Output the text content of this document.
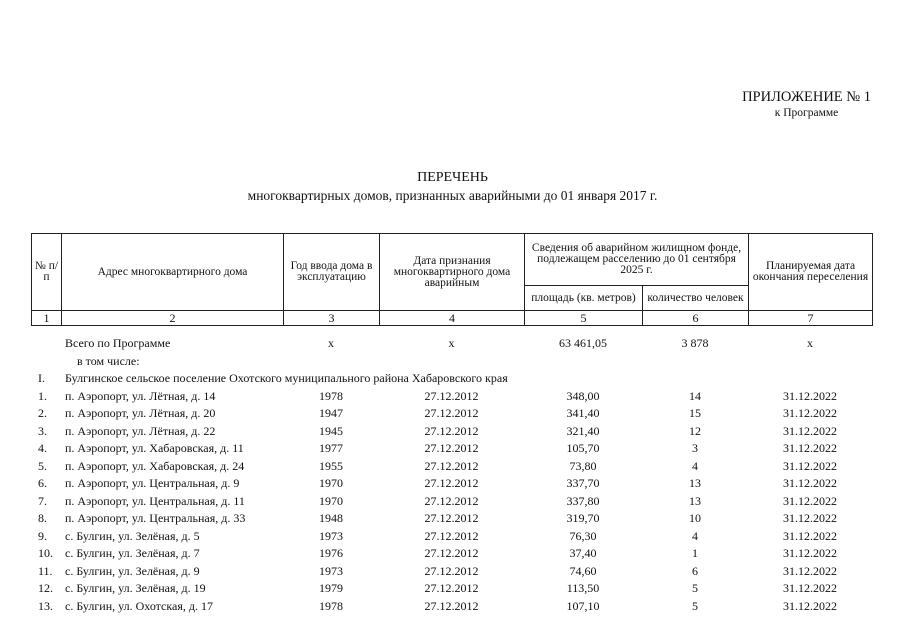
ПРИЛОЖЕНИЕ № 1
к Программе
ПЕРЕЧЕНЬ
многоквартирных домов, признанных аварийными до 01 января 2017 г.
№ п/п	Адрес многоквартирного дома	Год ввода дома в эксплуатацию	Дата признания многоквартирного дома аварийным	Сведения об аварийном жилищном фонде, подлежащем расселению до 01 сентября 2025 г.		Планируемая дата окончания переселения
				площадь (кв. метров)	количество человек	
1	2	3	4	5	6	7
	Всего по Программе	х	х	63 461,05	3 878	х
	в том числе:					
I.	Булгинское сельское поселение Охотского муниципального района Хабаровского края					
1.	п. Аэропорт, ул. Лётная, д. 14	1978	27.12.2012	348,00	14	31.12.2022
2.	п. Аэропорт, ул. Лётная, д. 20	1947	27.12.2012	341,40	15	31.12.2022
3.	п. Аэропорт, ул. Лётная, д. 22	1945	27.12.2012	321,40	12	31.12.2022
4.	п. Аэропорт, ул. Хабаровская, д. 11	1977	27.12.2012	105,70	3	31.12.2022
5.	п. Аэропорт, ул. Хабаровская, д. 24	1955	27.12.2012	73,80	4	31.12.2022
6.	п. Аэропорт, ул. Центральная, д. 9	1970	27.12.2012	337,70	13	31.12.2022
7.	п. Аэропорт, ул. Центральная, д. 11	1970	27.12.2012	337,80	13	31.12.2022
8.	п. Аэропорт, ул. Центральная, д. 33	1948	27.12.2012	319,70	10	31.12.2022
9.	с. Булгин, ул. Зелёная, д. 5	1973	27.12.2012	76,30	4	31.12.2022
10.	с. Булгин, ул. Зелёная, д. 7	1976	27.12.2012	37,40	1	31.12.2022
11.	с. Булгин, ул. Зелёная, д. 9	1973	27.12.2012	74,60	6	31.12.2022
12.	с. Булгин, ул. Зелёная, д. 19	1979	27.12.2012	113,50	5	31.12.2022
13.	с. Булгин, ул. Охотская, д. 17	1978	27.12.2012	107,10	5	31.12.2022
